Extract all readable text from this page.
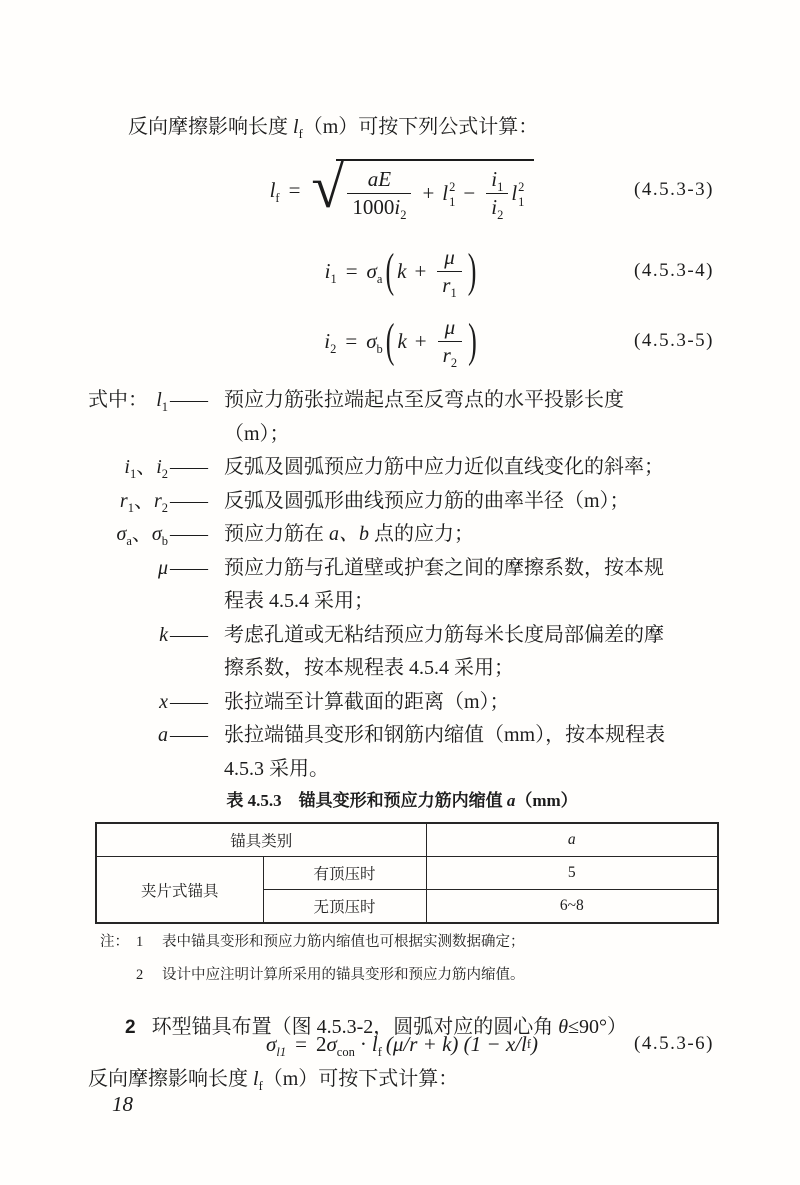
反向摩擦影响长度 $l_f(m)$可按下列公式计算：

$l_f$ = √ $\frac{aE}{1000i_2} + l$ 2
$1 - \frac{i_1}{i_2}$ l 2
1
(4.5.3-3)
$i_1 = \sigma_a$ ( $k + \frac{\mu}{r_1}$ )	(4.5.3-4)
$i_2 = \sigma_b$ ( $k + \frac{\mu}{r_2}$ )	(4.5.3-5)
式中： $l_1$ —— 预应力筋张拉端起点至反弯点的水平投影长度
（m）；
$i_1$、$i_2$ —— 反弧及圆弧预应力筋中应力近似直线变化的斜率；
$r_1$、$r_2$ —— 反弧及圆弧形曲线预应力筋的曲率半径（m）；
$\sigma_a$、$\sigma_b$ —— 预应力筋在 a、b 点的应力；
μ —— 预应力筋与孔道壁或护套之间的摩擦系数，按本规
程表 4.5.4 采用；
k —— 考虑孔道或无粘结预应力筋每米长度局部偏差的摩
擦系数，按本规程表 4.5.4 采用；
x —— 张拉端至计算截面的距离（m）；
a —— 张拉端锚具变形和钢筋内缩值（mm），按本规程表
4.5.3 采用。
表 4.5.3　锚具变形和预应力筋内缩值 a（mm）
锚具类别		a
夹片式锚具	有顶压时	5
	无顶压时	6~8
注： 1	表中锚具变形和预应力筋内缩值也可根据实测数据确定；
2	设计中应注明计算所采用的锚具变形和预应力筋内缩值。

2 环型锚具布置（图 4.5.3-2，圆弧对应的圆心角 θ≤90°）

$\sigma_{l1} = 2$ $\sigma_{con} \cdot l_f$ (μ/r + k) (1 − x/ l f )	(4.5.3-6)

反向摩擦影响长度 $l_f(m)$可按下式计算：

18
